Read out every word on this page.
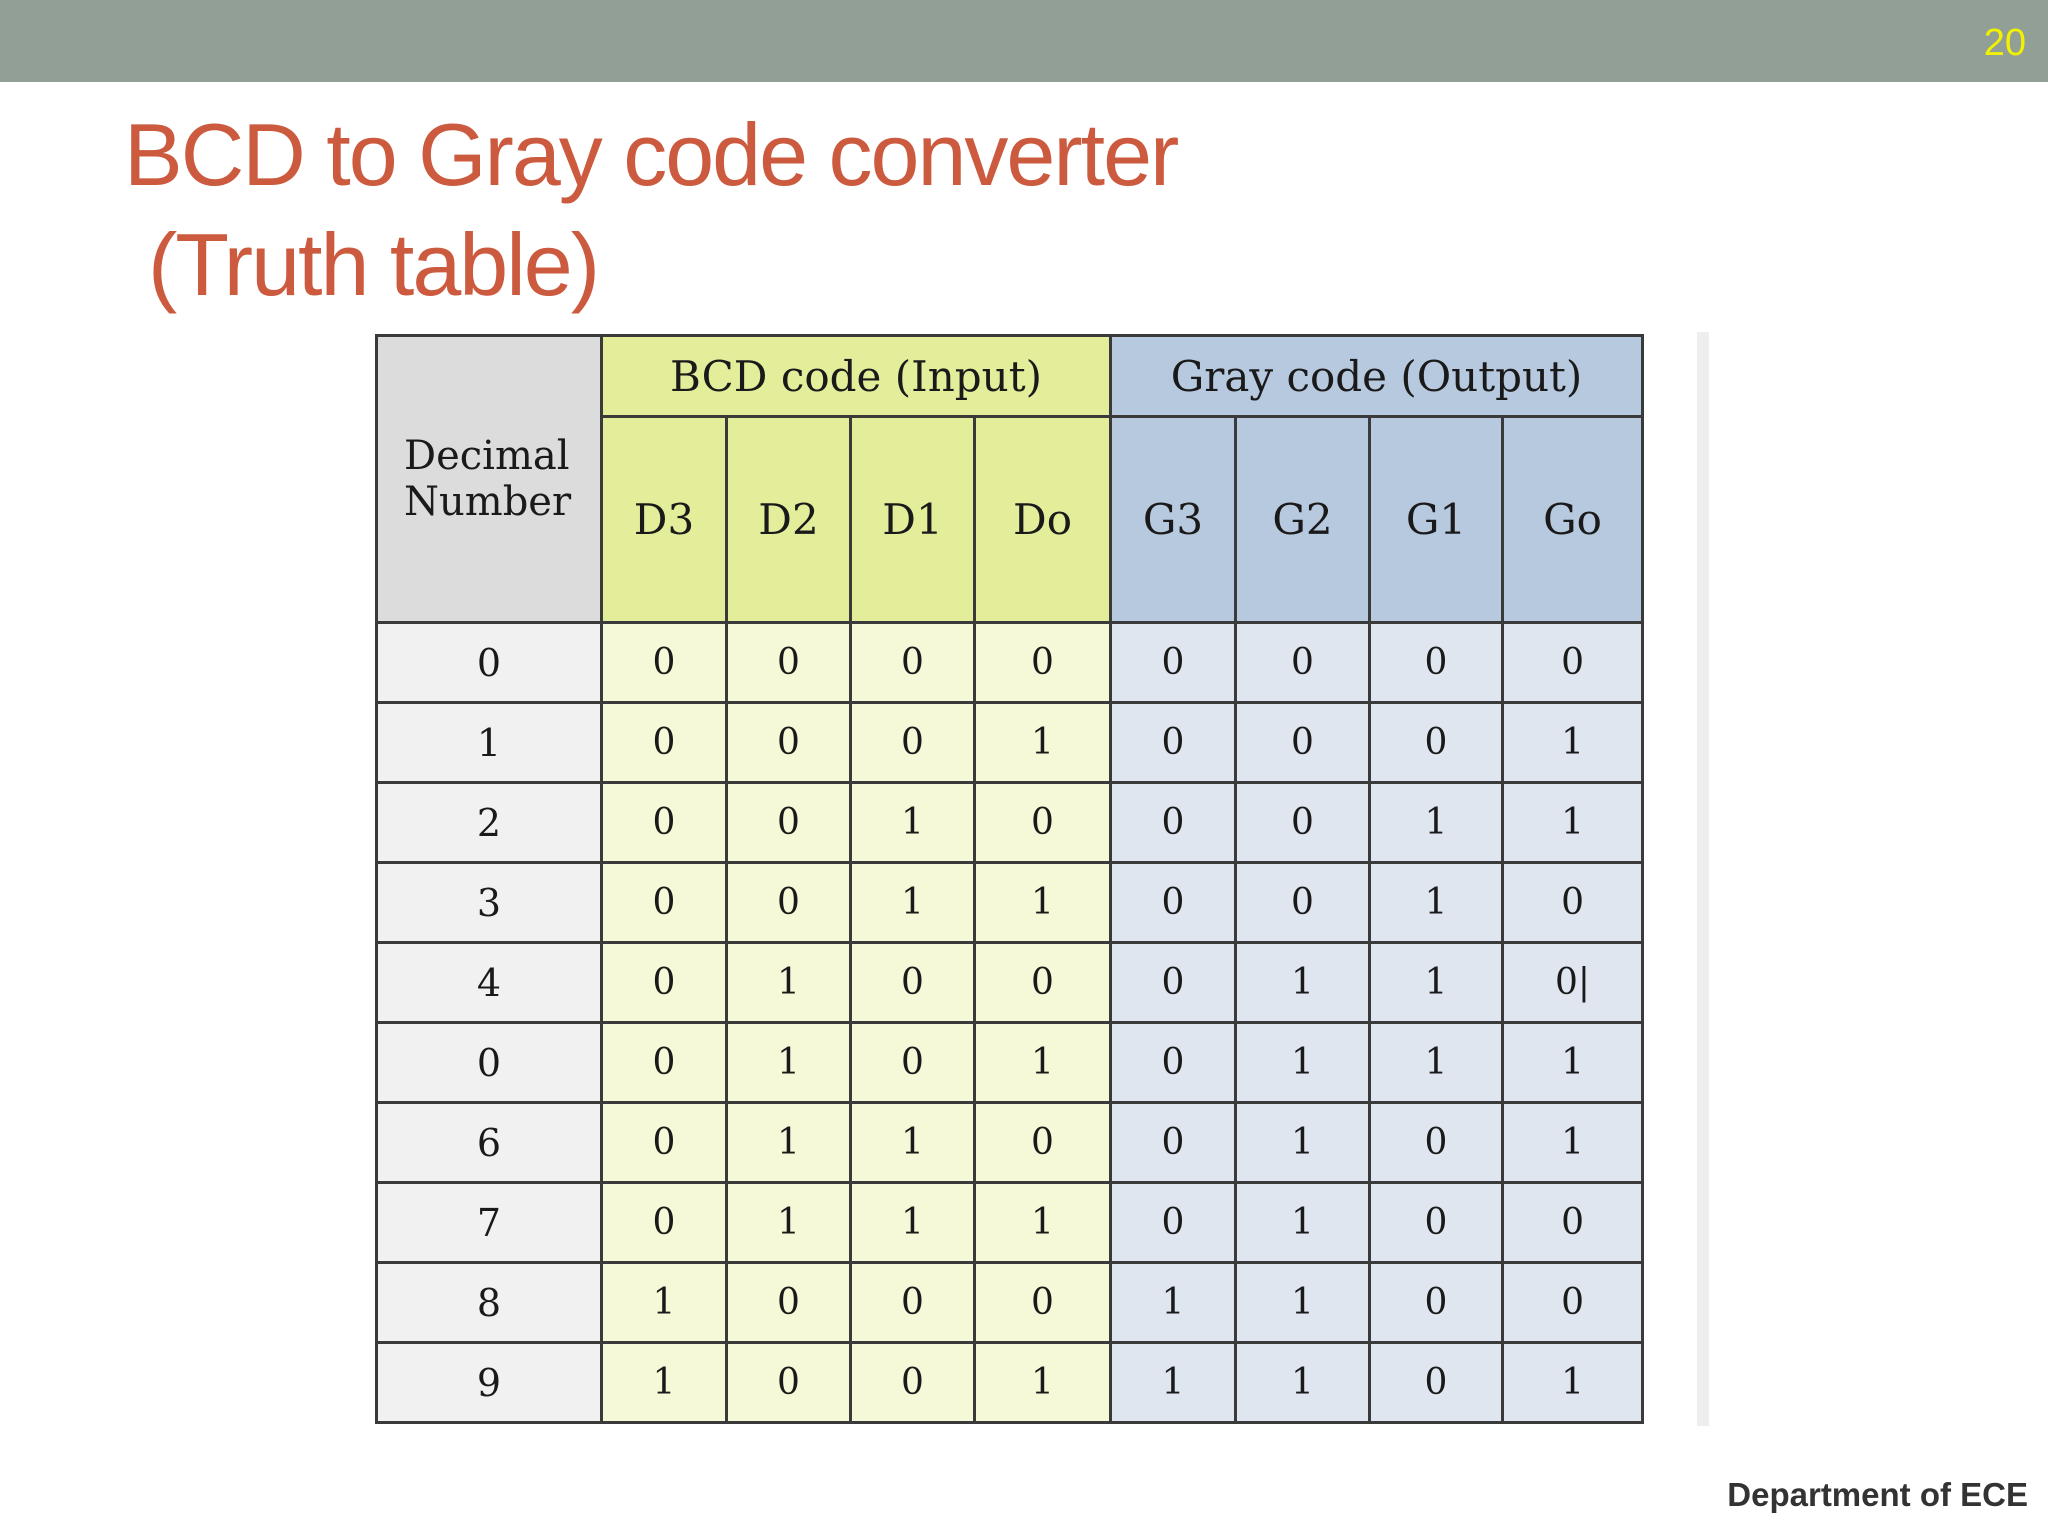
20
BCD to Gray code converter
(Truth table)
Decimal
Number	BCD code (Input)				Gray code (Output)			
	D3	D2	D1	Do	G3	G2	G1	Go
0	0	0	0	0	0	0	0	0
1	0	0	0	1	0	0	0	1
2	0	0	1	0	0	0	1	1
3	0	0	1	1	0	0	1	0
4	0	1	0	0	0	1	1	0|
0	0	1	0	1	0	1	1	1
6	0	1	1	0	0	1	0	1
7	0	1	1	1	0	1	0	0
8	1	0	0	0	1	1	0	0
9	1	0	0	1	1	1	0	1
Department of ECE
